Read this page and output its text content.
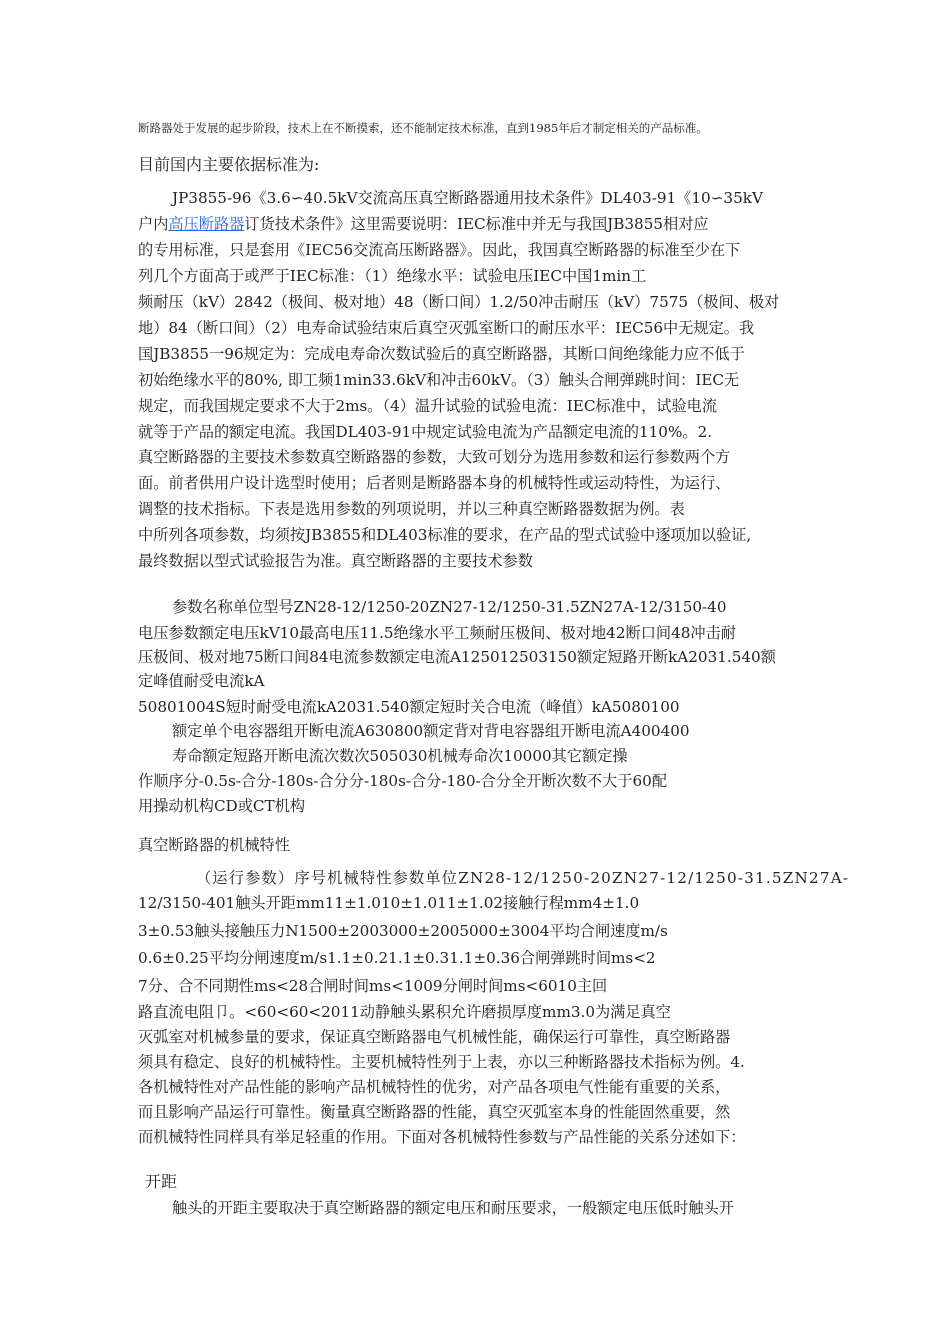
断路器处于发展的起步阶段，技术上在不断摸索，还不能制定技术标准，直到1985年后才制定相关的产品标准。
目前国内主要依据标准为:
JP3855-96《3.6∽40.5kV交流高压真空断路器通用技术条件》DL403-91《10∽35kV
户内高压断路器订货技术条件》这里需要说明：IEC标准中并无与我国JB3855相对应
的专用标准，只是套用《IEC56交流高压断路器》。因此，我国真空断路器的标准至少在下
列几个方面高于或严于IEC标准：（1）绝缘水平：试验电压IEC中国1min工
频耐压（kV）2842（极间、极对地）48（断口间）1.2/50冲击耐压（kV）7575（极间、极对
地）84（断口间）（2）电寿命试验结束后真空灭弧室断口的耐压水平：IEC56中无规定。我
国JB3855一96规定为：完成电寿命次数试验后的真空断路器，其断口间绝缘能力应不低于
初始绝缘水平的80%, 即工频1min33.6kV和冲击60kV。（3）触头合闸弹跳时间：IEC无
规定，而我国规定要求不大于2ms。（4）温升试验的试验电流：IEC标准中，试验电流
就等于产品的额定电流。我国DL403-91中规定试验电流为产品额定电流的110%。2.
真空断路器的主要技术参数真空断路器的参数，大致可划分为选用参数和运行参数两个方
面。前者供用户设计选型时使用；后者则是断路器本身的机械特性或运动特性，为运行、
调整的技术指标。下表是选用参数的列项说明，并以三种真空断路器数据为例。表
中所列各项参数，均须按JB3855和DL403标准的要求，在产品的型式试验中逐项加以验证,
最终数据以型式试验报告为准。真空断路器的主要技术参数
参数名称单位型号ZN28-12/1250-20ZN27-12/1250-31.5ZN27A-12/3150-40
电压参数额定电压kV10最高电压11.5绝缘水平工频耐压极间、极对地42断口间48冲击耐
压极间、极对地75断口间84电流参数额定电流A125012503150额定短路开断kA2031.540额
定峰值耐受电流kA
50801004S短时耐受电流kA2031.540额定短时关合电流（峰值）kA5080100
额定单个电容器组开断电流A630800额定背对背电容器组开断电流A400400
寿命额定短路开断电流次数次505030机械寿命次10000其它额定操
作顺序分-0.5s-合分-180s-合分分-180s-合分-180-合分全开断次数不大于60配
用操动机构CD或CT机构
真空断路器的机械特性
（运行参数）序号机械特性参数单位ZN28-12/1250-20ZN27-12/1250-31.5ZN27A-
12/3150-401触头开距mm11±1.010±1.011±1.02接触行程mm4±1.0
3±0.53触头接触压力N1500±2003000±2005000±3004平均合闸速度m/s
0.6±0.25平均分闸速度m/s1.1±0.21.1±0.31.1±0.36合闸弹跳时间ms<2
7分、合不同期性ms<28合闸时间ms<1009分闸时间ms<6010主回
路直流电阻卩。<60<60<2011动静触头累积允许磨损厚度mm3.0为满足真空
灭弧室对机械参量的要求，保证真空断路器电气机械性能，确保运行可靠性，真空断路器
须具有稳定、良好的机械特性。主要机械特性列于上表，亦以三种断路器技术指标为例。4.
各机械特性对产品性能的影响产品机械特性的优劣，对产品各项电气性能有重要的关系，
而且影响产品运行可靠性。衡量真空断路器的性能，真空灭弧室本身的性能固然重要，然
而机械特性同样具有举足轻重的作用。下面对各机械特性参数与产品性能的关系分述如下：
开距
触头的开距主要取决于真空断路器的额定电压和耐压要求，一般额定电压低时触头开
